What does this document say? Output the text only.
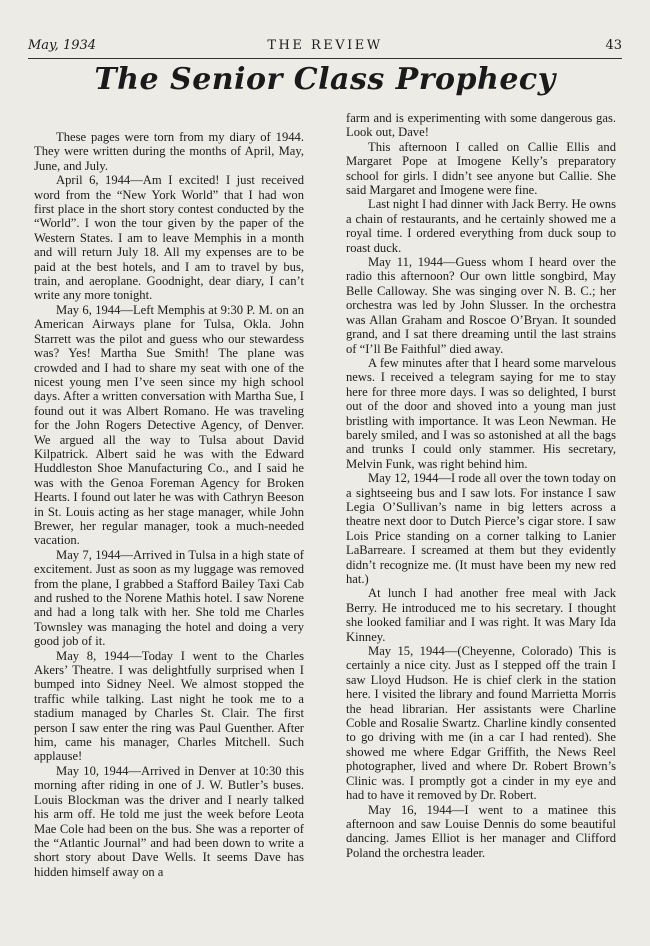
May, 1934	THE REVIEW	43
The Senior Class Prophecy

These pages were torn from my diary of 1944. They were written during the months of April, May, June, and July.

April 6, 1944—Am I excited! I just received word from the “New York World” that I had won first place in the short story contest conducted by the “World”. I won the tour given by the paper of the Western States. I am to leave Memphis in a month and will return July 18. All my expenses are to be paid at the best hotels, and I am to travel by bus, train, and aeroplane. Goodnight, dear diary, I can’t write any more tonight.

May 6, 1944—Left Memphis at 9:30 P. M. on an American Airways plane for Tulsa, Okla. John Starrett was the pilot and guess who our stewardess was? Yes! Martha Sue Smith! The plane was crowded and I had to share my seat with one of the nicest young men I’ve seen since my high school days. After a written conversation with Martha Sue, I found out it was Albert Romano. He was traveling for the John Rogers Detective Agency, of Denver. We argued all the way to Tulsa about David Kilpatrick. Albert said he was with the Edward Huddleston Shoe Manufacturing Co., and I said he was with the Genoa Foreman Agency for Broken Hearts. I found out later he was with Cathryn Beeson in St. Louis acting as her stage manager, while John Brewer, her regular manager, took a much-needed vacation.

May 7, 1944—Arrived in Tulsa in a high state of excitement. Just as soon as my luggage was removed from the plane, I grabbed a Stafford Bailey Taxi Cab and rushed to the Norene Mathis hotel. I saw Norene and had a long talk with her. She told me Charles Townsley was managing the hotel and doing a very good job of it.

May 8, 1944—Today I went to the Charles Akers’ Theatre. I was delightfully surprised when I bumped into Sidney Neel. We almost stopped the traffic while talking. Last night he took me to a stadium managed by Charles St. Clair. The first person I saw enter the ring was Paul Guenther. After him, came his manager, Charles Mitchell. Such applause!

May 10, 1944—Arrived in Denver at 10:30 this morning after riding in one of J. W. Butler’s buses. Louis Blockman was the driver and I nearly talked his arm off. He told me just the week before Leota Mae Cole had been on the bus. She was a reporter of the “Atlantic Journal” and had been down to write a short story about Dave Wells. It seems Dave has hidden himself away on a

farm and is experimenting with some dangerous gas. Look out, Dave!

This afternoon I called on Callie Ellis and Margaret Pope at Imogene Kelly’s preparatory school for girls. I didn’t see anyone but Callie. She said Margaret and Imogene were fine.

Last night I had dinner with Jack Berry. He owns a chain of restaurants, and he certainly showed me a royal time. I ordered everything from duck soup to roast duck.

May 11, 1944—Guess whom I heard over the radio this afternoon? Our own little songbird, May Belle Calloway. She was singing over N. B. C.; her orchestra was led by John Slusser. In the orchestra was Allan Graham and Roscoe O’Bryan. It sounded grand, and I sat there dreaming until the last strains of “I’ll Be Faithful” died away.

A few minutes after that I heard some marvelous news. I received a telegram saying for me to stay here for three more days. I was so delighted, I burst out of the door and shoved into a young man just bristling with importance. It was Leon Newman. He barely smiled, and I was so astonished at all the bags and trunks I could only stammer. His secretary, Melvin Funk, was right behind him.

May 12, 1944—I rode all over the town today on a sightseeing bus and I saw lots. For instance I saw Legia O’Sullivan’s name in big letters across a theatre next door to Dutch Pierce’s cigar store. I saw Lois Price standing on a corner talking to Lanier LaBarreare. I screamed at them but they evidently didn’t recognize me. (It must have been my new red hat.)

At lunch I had another free meal with Jack Berry. He introduced me to his secretary. I thought she looked familiar and I was right. It was Mary Ida Kinney.

May 15, 1944—(Cheyenne, Colorado) This is certainly a nice city. Just as I stepped off the train I saw Lloyd Hudson. He is chief clerk in the station here. I visited the library and found Marrietta Morris the head librarian. Her assistants were Charline Coble and Rosalie Swartz. Charline kindly consented to go driving with me (in a car I had rented). She showed me where Edgar Griffith, the News Reel photographer, lived and where Dr. Robert Brown’s Clinic was. I promptly got a cinder in my eye and had to have it removed by Dr. Robert.

May 16, 1944—I went to a matinee this afternoon and saw Louise Dennis do some beautiful dancing. James Elliot is her manager and Clifford Poland the orchestra leader.
